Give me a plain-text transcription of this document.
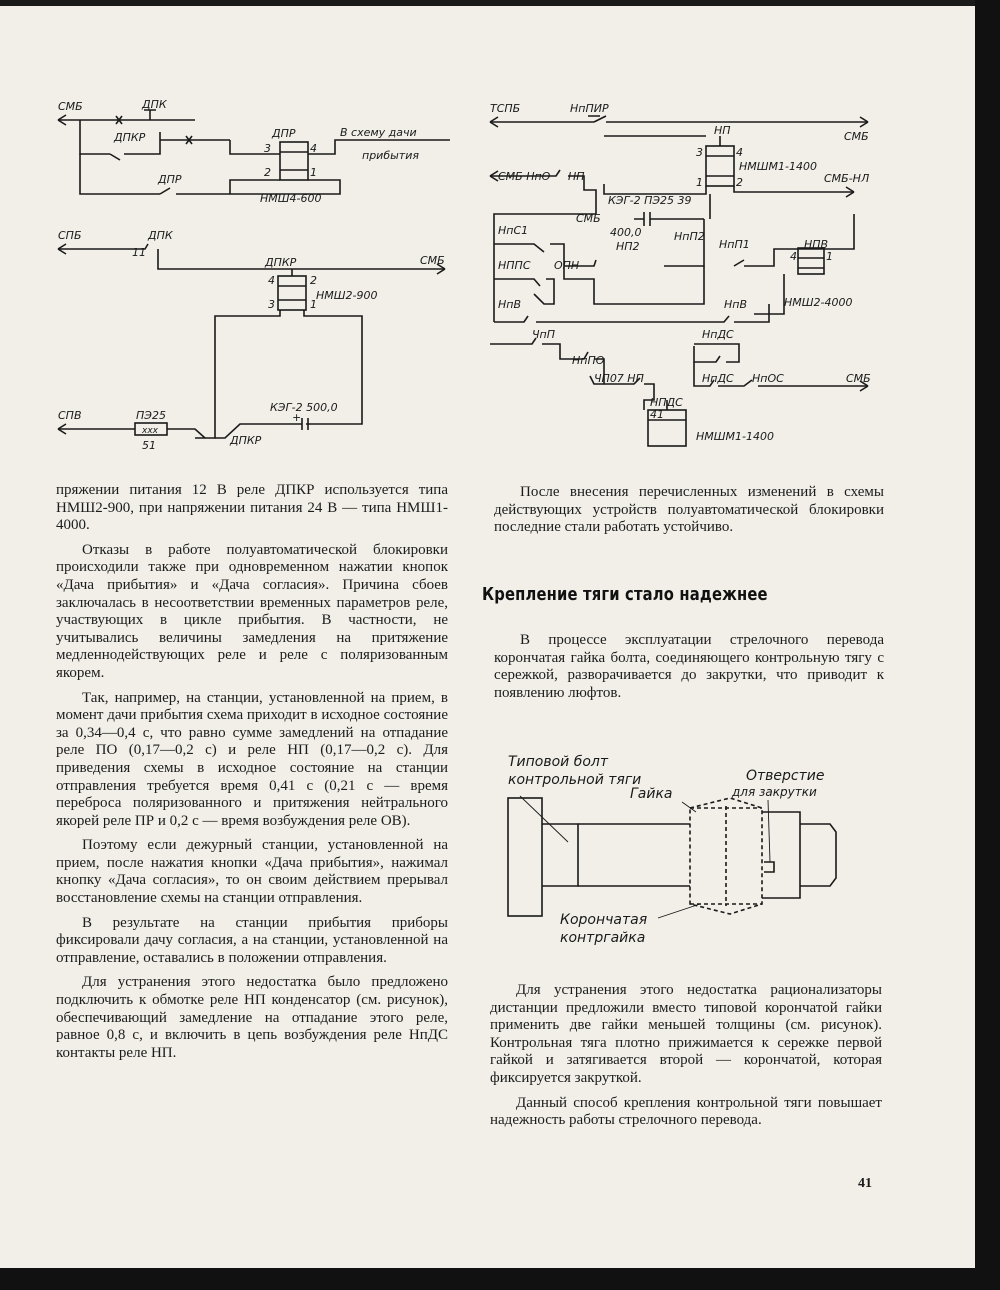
СМБ	ДПК
ДПКР	ДПР	В схему дачи
прибытия
ДПР
НМШ4-600
3	4
2	1
СПБ	ДПК
11
ДПКР	СМБ
4	2
3	1
НМШ2-900
КЭГ-2 500,0
+
СПВ	ПЭ25
ххх
51	ДПКР
ТСПБ	НпПИР
НП	СМБ
3	4
1	2
НМШМ1-1400
СМБ-НЛ
СМБ НпО НП
КЭГ-2 ПЭ25 39
СМБ
400,0
НП2
НпП2
НпС1
НППС ОПН
НпП1	НПВ
4	1
НпВ	НпВ	НМШ2-4000
ЧпП	НпДС
НпПО
ЧП07 НП	НпДС НпОС	СМБ
НПДС
41
НМШМ1-1400

пряжении питания 12 В реле ДПКР используется типа НМШ2-900, при напряжении питания 24 В — типа НМШ1-4000.

Отказы в работе полуавтоматической блокировки происходили также при одновременном нажатии кнопок «Дача прибытия» и «Дача согласия». Причина сбоев заключалась в несоответствии временных параметров реле, участвующих в цикле прибытия. В частности, не учитывались величины замедления на притяжение медленнодействующих реле и реле с поляризованным якорем.

Так, например, на станции, установленной на прием, в момент дачи прибытия схема приходит в исходное состояние за 0,34—0,4 с, что равно сумме замедлений на отпадание реле ПО (0,17—0,2 с) и реле НП (0,17—0,2 с). Для приведения схемы в исходное состояние на станции отправления требуется время 0,41 с (0,21 с — время переброса поляризованного и притяжения нейтрального якорей реле ПР и 0,2 с — время возбуждения реле ОВ).

Поэтому если дежурный станции, установленной на прием, после нажатия кнопки «Дача прибытия», нажимал кнопку «Дача согласия», то он своим действием прерывал восстановление схемы на станции отправления.

В результате на станции прибытия приборы фиксировали дачу согласия, а на станции, установленной на отправление, оставались в положении отправления.

Для устранения этого недостатка было предложено подключить к обмотке реле НП конденсатор (см. рисунок), обеспечивающий замедление на отпадание этого реле, равное 0,8 с, и включить в цепь возбуждения реле НпДС контакты реле НП.

После внесения перечисленных изменений в схемы действующих устройств полуавтоматической блокировки последние стали работать устойчиво.

Крепление тяги стало надежнее

В процессе эксплуатации стрелочного перевода корончатая гайка болта, соединяющего контрольную тягу с сережкой, разворачивается до закрутки, что приводит к появлению люфтов.

Типовой болт
контрольной тяги
Гайка
Отверстие
для закрутки
Корончатая
контргайка

Для устранения этого недостатка рационализаторы дистанции предложили вместо типовой корончатой гайки применить две гайки меньшей толщины (см. рисунок). Контрольная тяга плотно прижимается к сережке первой гайкой и затягивается второй — корончатой, которая фиксируется закруткой.

Данный способ крепления контрольной тяги повышает надежность работы стрелочного перевода.

41
